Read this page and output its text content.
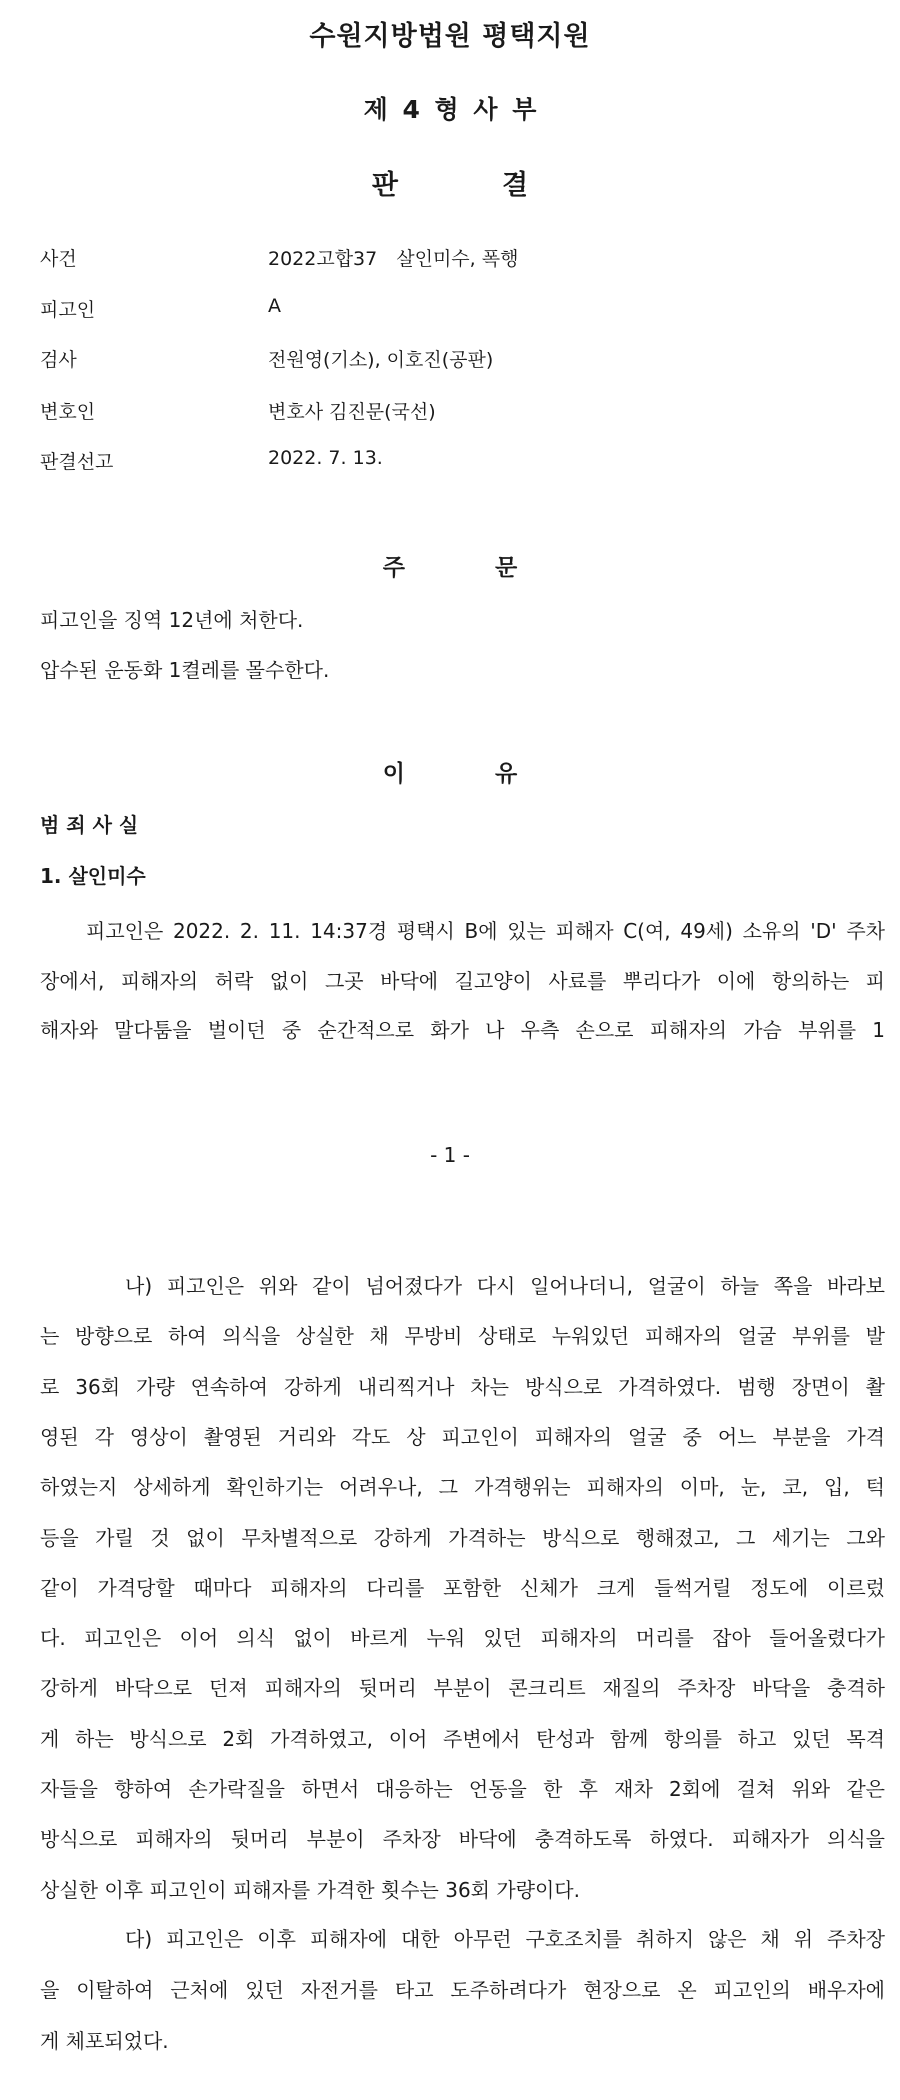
수원지방법원 평택지원
제 4 형 사 부
판	결
사건	2022고합37　살인미수, 폭행
피고인	A
검사	전원영(기소), 이호진(공판)
변호인	변호사 김진문(국선)
판결선고	2022. 7. 13.
주	문
피고인을 징역 12년에 처한다.
압수된 운동화 1켤레를 몰수한다.
이	유
범 죄 사 실
1. 살인미수
피고인은 2022. 2. 11. 14:37경 평택시 B에 있는 피해자 C(여, 49세) 소유의 'D' 주차
장에서, 피해자의 허락 없이 그곳 바닥에 길고양이 사료를 뿌리다가 이에 항의하는 피
해자와 말다툼을 벌이던 중 순간적으로 화가 나 우측 손으로 피해자의 가슴 부위를 1
- 1 -
나) 피고인은 위와 같이 넘어졌다가 다시 일어나더니, 얼굴이 하늘 쪽을 바라보
는 방향으로 하여 의식을 상실한 채 무방비 상태로 누워있던 피해자의 얼굴 부위를 발
로 36회 가량 연속하여 강하게 내리찍거나 차는 방식으로 가격하였다. 범행 장면이 촬
영된 각 영상이 촬영된 거리와 각도 상 피고인이 피해자의 얼굴 중 어느 부분을 가격
하였는지 상세하게 확인하기는 어려우나, 그 가격행위는 피해자의 이마, 눈, 코, 입, 턱
등을 가릴 것 없이 무차별적으로 강하게 가격하는 방식으로 행해졌고, 그 세기는 그와
같이 가격당할 때마다 피해자의 다리를 포함한 신체가 크게 들썩거릴 정도에 이르렀
다. 피고인은 이어 의식 없이 바르게 누워 있던 피해자의 머리를 잡아 들어올렸다가
강하게 바닥으로 던져 피해자의 뒷머리 부분이 콘크리트 재질의 주차장 바닥을 충격하
게 하는 방식으로 2회 가격하였고, 이어 주변에서 탄성과 함께 항의를 하고 있던 목격
자들을 향하여 손가락질을 하면서 대응하는 언동을 한 후 재차 2회에 걸쳐 위와 같은
방식으로 피해자의 뒷머리 부분이 주차장 바닥에 충격하도록 하였다. 피해자가 의식을
상실한 이후 피고인이 피해자를 가격한 횟수는 36회 가량이다.
다) 피고인은 이후 피해자에 대한 아무런 구호조치를 취하지 않은 채 위 주차장
을 이탈하여 근처에 있던 자전거를 타고 도주하려다가 현장으로 온 피고인의 배우자에
게 체포되었다.
